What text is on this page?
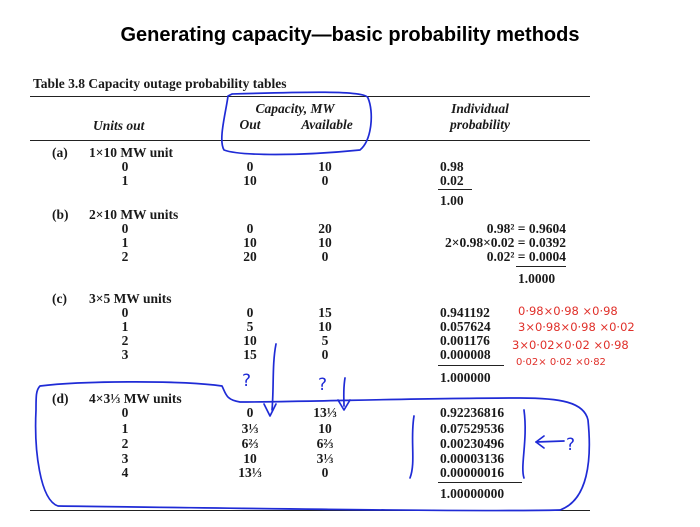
Generating capacity—basic probability methods
Table 3.8 Capacity outage probability tables
Units out
Capacity, MW
Out	Available
Individual
probability
(a) 1×10 MW unit
0	0	10	0.98
1	10	0	0.02
1.00
(b) 2×10 MW units
0	0	20	0.98² = 0.9604
1	10	10	2×0.98×0.02 = 0.0392
2	20	0	0.02² = 0.0004
1.0000
(c) 3×5 MW units
0	0	15	0.941192
1	5	10	0.057624
2	10	5	0.001176
3	15	0	0.000008
1.000000
(d) 4×3⅓ MW units
0	0	13⅓	0.92236816
1	3⅓	10	0.07529536
2	6⅔	6⅔	0.00230496
3	10	3⅓	0.00003136
4	13⅓	0	0.00000016
1.00000000
0·98×0·98 ×0·98
3×0·98×0·98 ×0·02
3×0·02×0·02 ×0·98
0·02× 0·02 ×0·82
?	?
?
